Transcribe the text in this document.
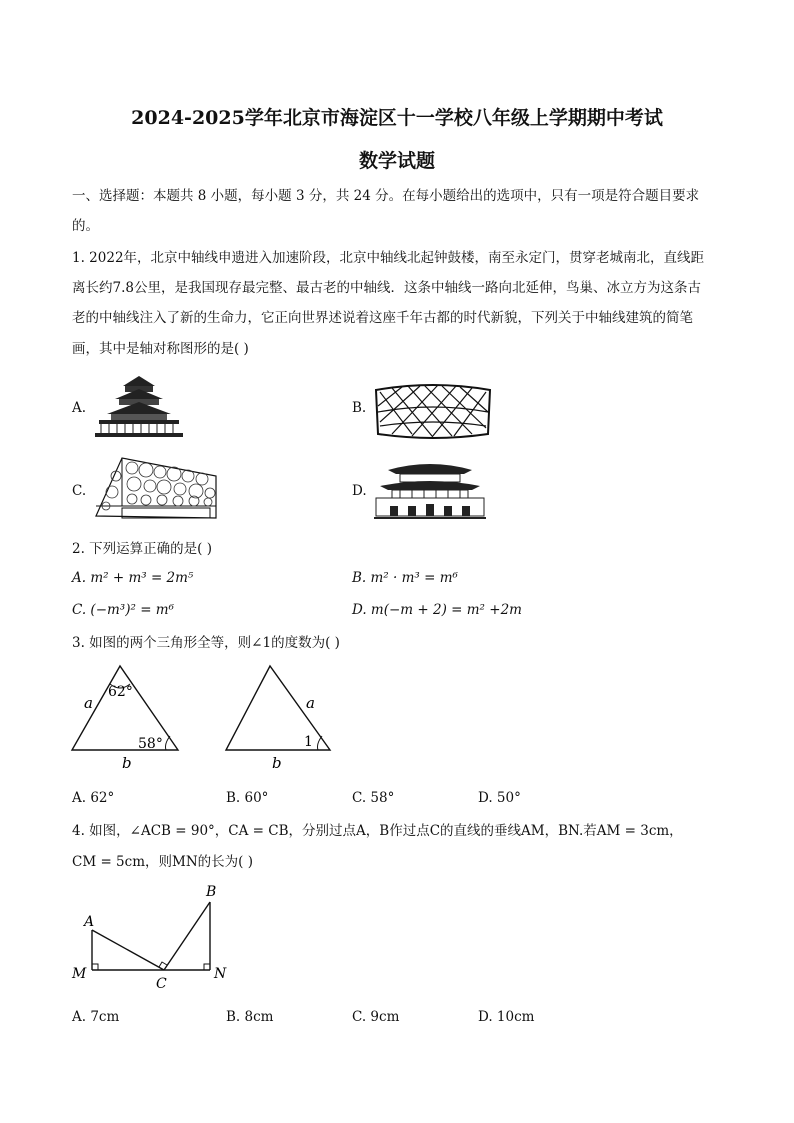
2024-2025学年北京市海淀区十一学校八年级上学期期中考试
数学试题
一、选择题：本题共 8 小题，每小题 3 分，共 24 分。在每小题给出的选项中，只有一项是符合题目要求
的。
1. 2022年，北京中轴线申遗进入加速阶段，北京中轴线北起钟鼓楼，南至永定门，贯穿老城南北，直线距
离长约7.8公里，是我国现存最完整、最古老的中轴线．这条中轴线一路向北延伸，鸟巢、冰立方为这条古
老的中轴线注入了新的生命力，它正向世界述说着这座千年古都的时代新貌，下列关于中轴线建筑的简笔
画，其中是轴对称图形的是( )
A.	B.
C.	D.
2. 下列运算正确的是( )
A. m² + m³ = 2m⁵	B. m² · m³ = m⁶
C. (−m³)² = m⁶	D. m(−m + 2) = m² +2m
3. 如图的两个三角形全等，则∠1的度数为( )
62°
58°
a
b
1
a
b
A. 62°	B. 60°	C. 58°	D. 50°
4. 如图，∠ACB = 90°，CA = CB，分别过点A，B作过点C的直线的垂线AM，BN.若AM = 3cm，
CM = 5cm，则MN的长为( )
A
B
C
M	N
A. 7cm	B. 8cm	C. 9cm	D. 10cm
